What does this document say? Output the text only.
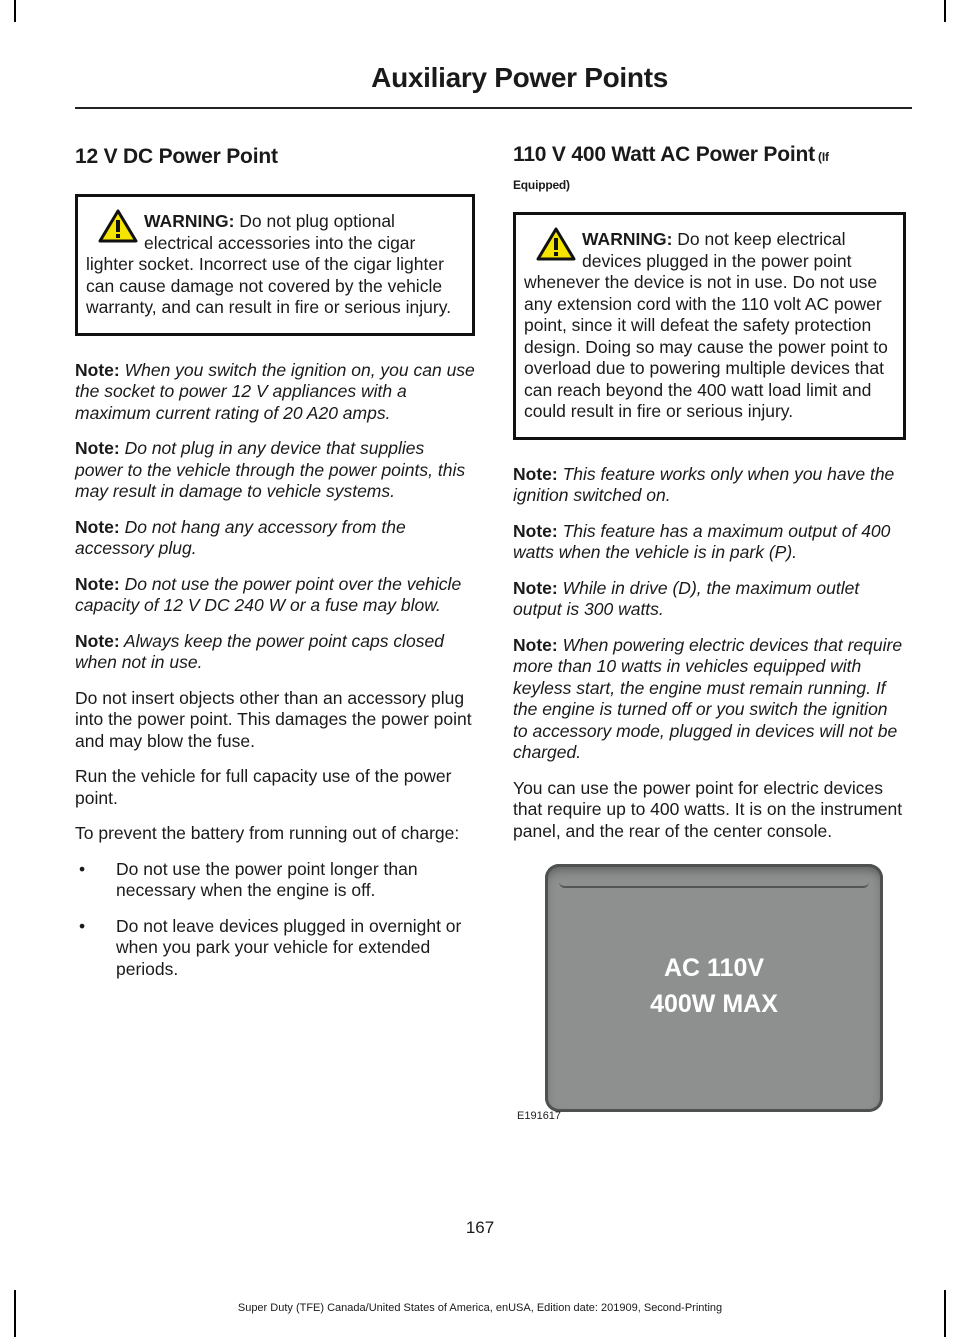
Auxiliary Power Points
12 V DC Power Point
WARNING: Do not plug optional electrical accessories into the cigar lighter socket. Incorrect use of the cigar lighter can cause damage not covered by the vehicle warranty, and can result in fire or serious injury.

Note: When you switch the ignition on, you can use the socket to power 12 V appliances with a maximum current rating of 20 A20 amps.

Note: Do not plug in any device that supplies power to the vehicle through the power points, this may result in damage to vehicle systems.

Note: Do not hang any accessory from the accessory plug.

Note: Do not use the power point over the vehicle capacity of 12 V DC 240 W or a fuse may blow.

Note: Always keep the power point caps closed when not in use.

Do not insert objects other than an accessory plug into the power point. This damages the power point and may blow the fuse.

Run the vehicle for full capacity use of the power point.

To prevent the battery from running out of charge:

• Do not use the power point longer than necessary when the engine is off.
• Do not leave devices plugged in overnight or when you park your vehicle for extended periods.
110 V 400 Watt AC Power Point (If
Equipped)
WARNING: Do not keep electrical devices plugged in the power point whenever the device is not in use. Do not use any extension cord with the 110 volt AC power point, since it will defeat the safety protection design. Doing so may cause the power point to overload due to powering multiple devices that can reach beyond the 400 watt load limit and could result in fire or serious injury.

Note: This feature works only when you have the ignition switched on.

Note: This feature has a maximum output of 400 watts when the vehicle is in park (P).

Note: While in drive (D), the maximum outlet output is 300 watts.

Note: When powering electric devices that require more than 10 watts in vehicles equipped with keyless start, the engine must remain running. If the engine is turned off or you switch the ignition to accessory mode, plugged in devices will not be charged.

You can use the power point for electric devices that require up to 400 watts. It is on the instrument panel, and the rear of the center console.

AC 110V
400W MAX
E191617
167
Super Duty (TFE) Canada/United States of America, enUSA, Edition date: 201909, Second-Printing
